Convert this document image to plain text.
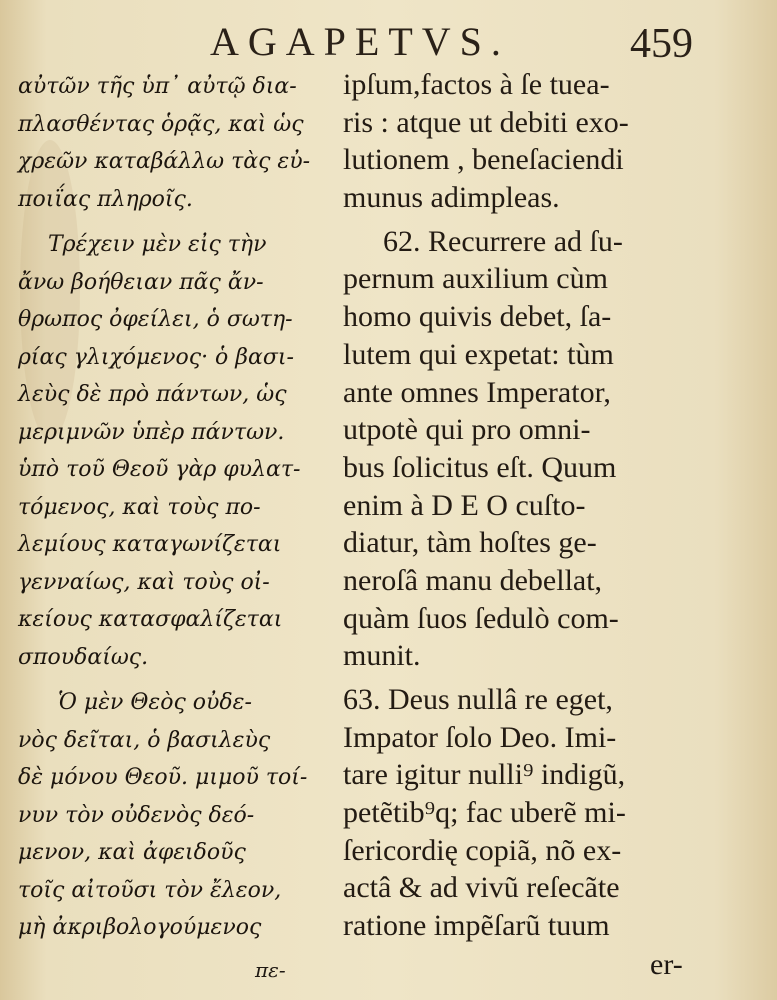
AGAPETVS.	459
αὐτῶν τῆς ὑπ᾽ αὐτῷ δια-
πλασθέντας ὁρᾷς, καὶ ὡς
χρεῶν καταβάλλω τὰς εὐ-
ποιΐας πληροῖς.
Τρέχειν μὲν εἰς τὴν
ἄνω βοήθειαν πᾶς ἄν-
θρωπος ὀφείλει, ὁ σωτη-
ρίας γλιχόμενος· ὁ βασι-
λεὺς δὲ πρὸ πάντων, ὡς
μεριμνῶν ὑπὲρ πάντων.
ὑπὸ τοῦ Θεοῦ γὰρ φυλατ-
τόμενος, καὶ τοὺς πο-
λεμίους καταγωνίζεται
γενναίως, καὶ τοὺς οἰ-
κείους κατασφαλίζεται
σπουδαίως.
Ὁ μὲν Θεὸς οὐδε-
νὸς δεῖται, ὁ βασιλεὺς
δὲ μόνου Θεοῦ. μιμοῦ τοί-
νυν τὸν οὐδενὸς δεό-
μενον, καὶ ἀφειδοῦς
τοῖς αἰτοῦσι τὸν ἔλεον,
μὴ ἀκριβολογούμενος
πε-
ipſum,factos à ſe tuea-
ris : atque ut debiti exo-
lutionem , beneſaciendi
munus adimpleas.
62. Recurrere ad ſu-
pernum auxilium cùm
homo quivis debet, ſa-
lutem qui expetat: tùm
ante omnes Imperator,
utpotè qui pro omni-
bus ſolicitus eſt. Quum
enim à D E O cuſto-
diatur, tàm hoſtes ge-
neroſâ manu debellat,
quàm ſuos ſedulò com-
munit.
63. Deus nullâ re eget,
Impator ſolo Deo. Imi-
tare igitur nulli⁹ indigũ,
petẽtib⁹q; fac uberẽ mi-
ſericordię copiã, nõ ex-
actâ & ad vivũ reſecãte
ratione impẽſarũ tuum
er-
